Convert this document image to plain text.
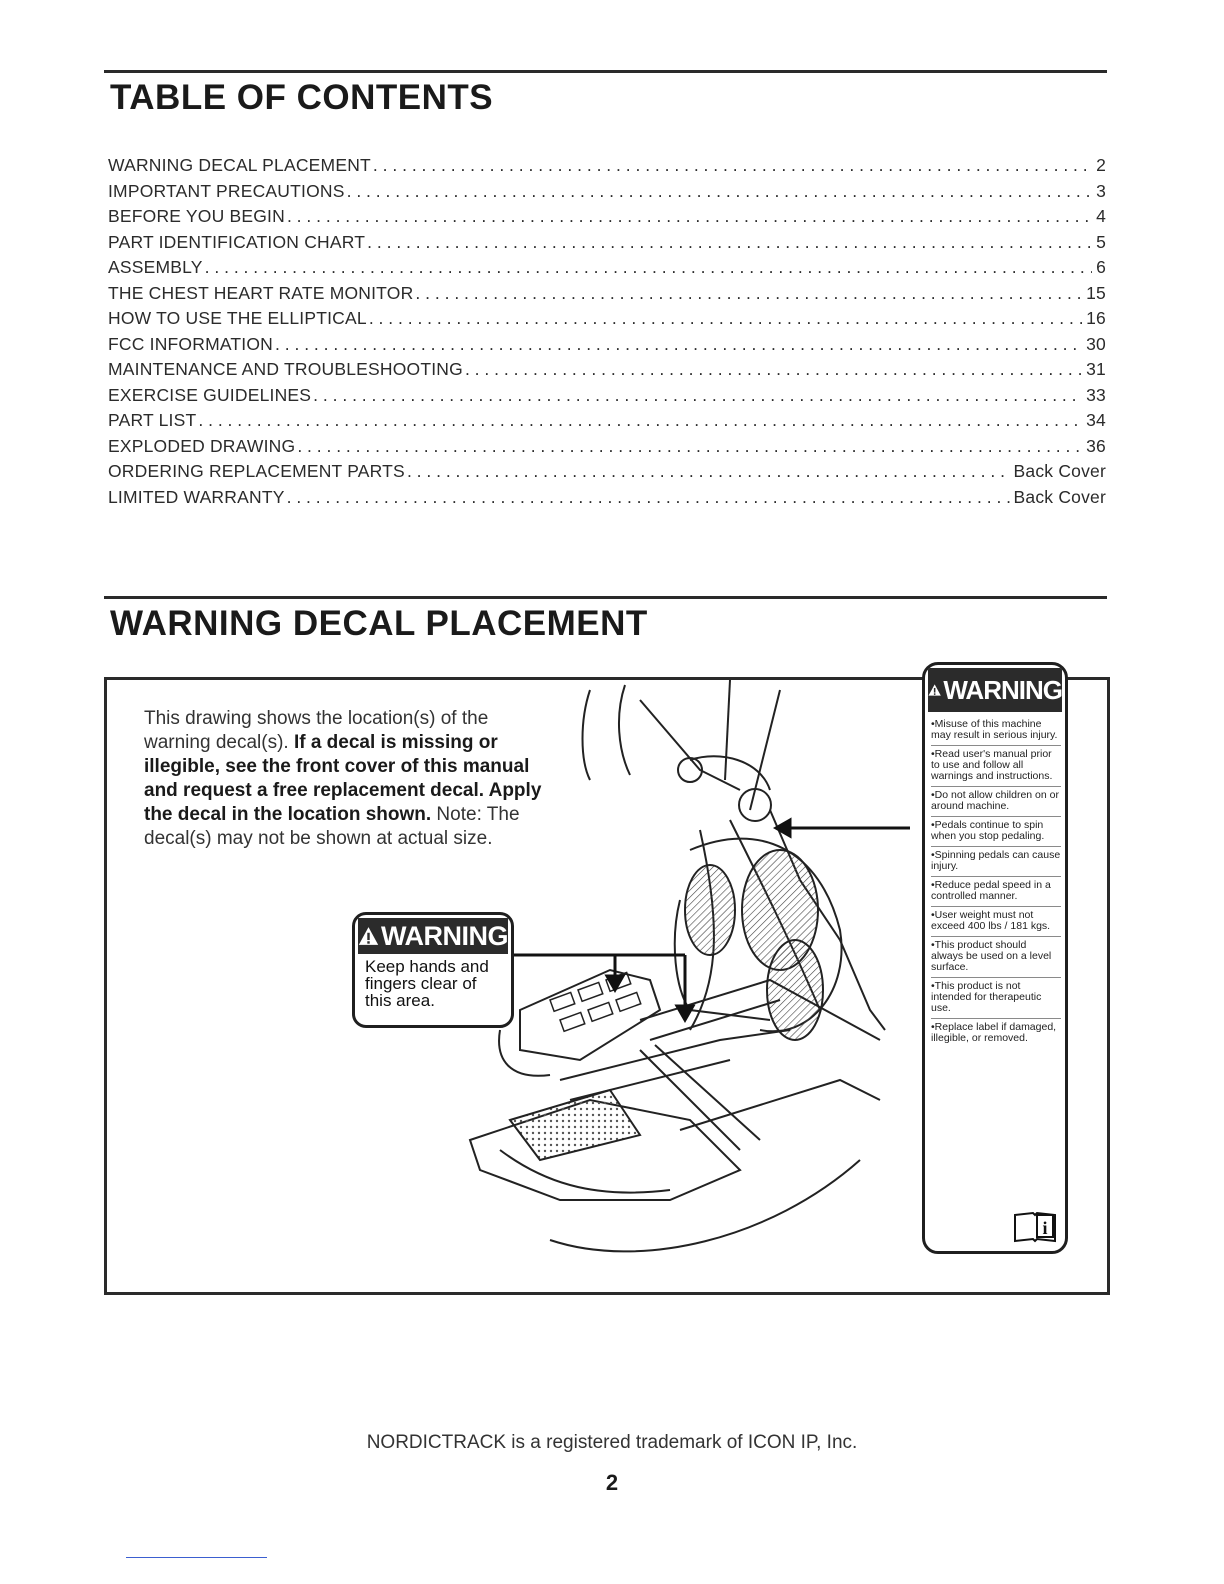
TABLE OF CONTENTS
WARNING DECAL PLACEMENT . . .	2
IMPORTANT PRECAUTIONS . . .	3
BEFORE YOU BEGIN . . .	4
PART IDENTIFICATION CHART . . .	5
ASSEMBLY . . .	6
THE CHEST HEART RATE MONITOR . . .	15
HOW TO USE THE ELLIPTICAL . . .	16
FCC INFORMATION . . .	30
MAINTENANCE AND TROUBLESHOOTING . . .	31
EXERCISE GUIDELINES . . .	33
PART LIST . . .	34
EXPLODED DRAWING . . .	36
ORDERING REPLACEMENT PARTS . . .	Back Cover
LIMITED WARRANTY . . .	Back Cover
WARNING DECAL PLACEMENT
This drawing shows the location(s) of the warning decal(s). If a decal is missing or illegible, see the front cover of this manual and request a free replacement decal. Apply the decal in the location shown. Note: The decal(s) may not be shown at actual size.
WARNING
Keep hands and fingers clear of this area.
WARNING
•Misuse of this machine may result in serious injury.
•Read user's manual prior to use and follow all warnings and instructions.
•Do not allow children on or around machine.
•Pedals continue to spin when you stop pedaling.
•Spinning pedals can cause injury.
•Reduce pedal speed in a controlled manner.
•User weight must not exceed 400 lbs / 181 kgs.
•This product should always be used on a level surface.
•This product is not intended for therapeutic use.
•Replace label if damaged, illegible, or removed.
i
NORDICTRACK is a registered trademark of ICON IP, Inc.
2
